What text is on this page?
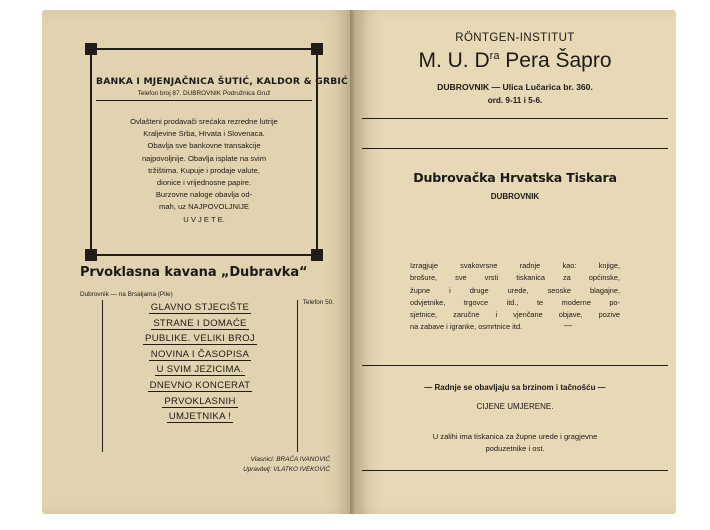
BANKA I MJENJAČNICA ŠUTIĆ, KALDOR & GRBIĆ
Telefon broj 87. DUBROVNIK Podružnica Gruž
Ovlašteni prodavači srećaka rezredne lutrije
Kraljevine Srba, Hrvata i Slovenaca.
Obavlja sve bankovne transakcije
najpovoljnije. Obavlja isplate na svim
tržištima. Kupuje i prodaje valute,
dionice i vrijednosne papire.
Burzovne naloge obavlja od-
mah, uz NAJPOVOLJNIJE
U V J E T E.
Prvoklasna kavana „Dubravka“
Dubrovnik — na Brsaljama (Pile)
Telefon 50.
GLAVNO STJECIŠTE
STRANE I DOMAĆE
PUBLIKE. VELIKI BROJ
NOVINA I ČASOPISA
U SVIM JEZICIMA.
DNEVNO KONCERAT
PRVOKLASNIH
UMJETNIKA !
Vlasnici: BRAĆA IVANOVIĆ
Upravitelj: VLATKO IVEKOVIĆ
RÖNTGEN-INSTITUT
M. U. $D^{ra}$ Pera Šapro
DUBROVNIK — Ulica Lučarica br. 360.
ord. 9-11 i 5-6.
Dubrovačka Hrvatska Tiskara
DUBROVNIK
Izragjuje svakovrsne radnje kao: knjige,
brošure, sve vrsti tiskanica za općinske,
župne i druge urede, seoske blagajne,
odvjetnike, trgovce itd., te moderne po-
sjetnice, zaručne i vjenčane objave, pozive
na zabave i igranke, osmrtnice itd.	—
— Radnje se obavljaju sa brzinom i tačnošću —
CIJENE UMJERENE.
U zalihi ima tiskanica za župne urede i gragjevne
poduzetnike i ost.
